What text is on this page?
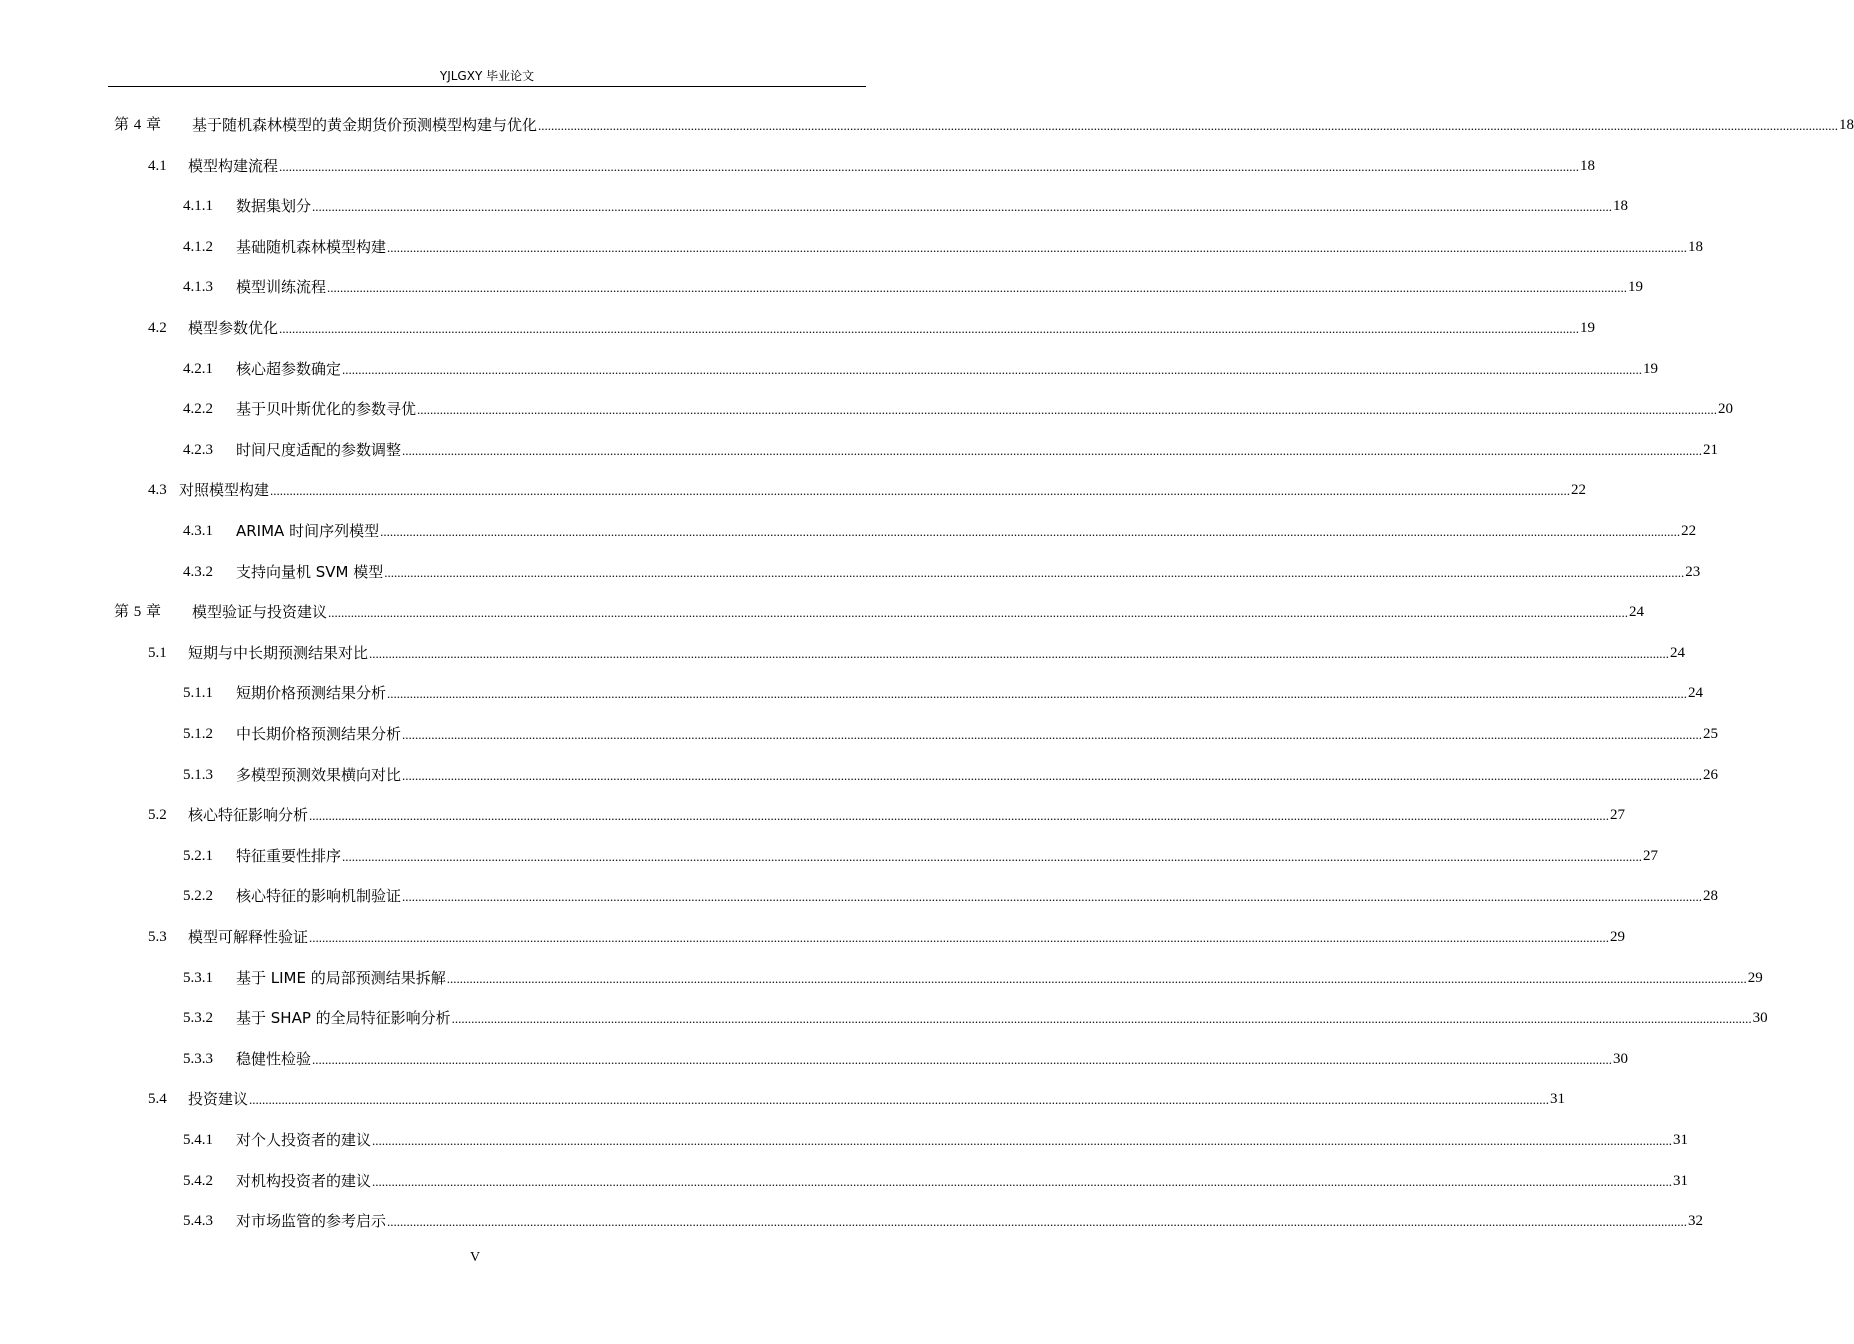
YJLGXY 毕业论文
第 4 章	基于随机森林模型的黄金期货价预测模型构建与优化 ................................................................................................................................................................................................................................................................................................................................................................................................................ 18
4.1	模型构建流程 ................................................................................................................................................................................................................................................................................................................................................................................................................ 18
4.1.1	数据集划分 ................................................................................................................................................................................................................................................................................................................................................................................................................ 18
4.1.2	基础随机森林模型构建 ................................................................................................................................................................................................................................................................................................................................................................................................................ 18
4.1.3	模型训练流程 ................................................................................................................................................................................................................................................................................................................................................................................................................ 19
4.2	模型参数优化 ................................................................................................................................................................................................................................................................................................................................................................................................................ 19
4.2.1	核心超参数确定 ................................................................................................................................................................................................................................................................................................................................................................................................................ 19
4.2.2	基于贝叶斯优化的参数寻优 ................................................................................................................................................................................................................................................................................................................................................................................................................ 20
4.2.3	时间尺度适配的参数调整 ................................................................................................................................................................................................................................................................................................................................................................................................................ 21
4.3 对照模型构建 ................................................................................................................................................................................................................................................................................................................................................................................................................ 22
4.3.1	ARIMA 时间序列模型 ................................................................................................................................................................................................................................................................................................................................................................................................................ 22
4.3.2	支持向量机 SVM 模型 ................................................................................................................................................................................................................................................................................................................................................................................................................ 23
第 5 章	模型验证与投资建议 ................................................................................................................................................................................................................................................................................................................................................................................................................ 24
5.1	短期与中长期预测结果对比 ................................................................................................................................................................................................................................................................................................................................................................................................................ 24
5.1.1	短期价格预测结果分析 ................................................................................................................................................................................................................................................................................................................................................................................................................ 24
5.1.2	中长期价格预测结果分析 ................................................................................................................................................................................................................................................................................................................................................................................................................ 25
5.1.3	多模型预测效果横向对比 ................................................................................................................................................................................................................................................................................................................................................................................................................ 26
5.2	核心特征影响分析 ................................................................................................................................................................................................................................................................................................................................................................................................................ 27
5.2.1	特征重要性排序 ................................................................................................................................................................................................................................................................................................................................................................................................................ 27
5.2.2	核心特征的影响机制验证 ................................................................................................................................................................................................................................................................................................................................................................................................................ 28
5.3	模型可解释性验证 ................................................................................................................................................................................................................................................................................................................................................................................................................ 29
5.3.1	基于 LIME 的局部预测结果拆解 ................................................................................................................................................................................................................................................................................................................................................................................................................ 29
5.3.2	基于 SHAP 的全局特征影响分析 ................................................................................................................................................................................................................................................................................................................................................................................................................ 30
5.3.3	稳健性检验 ................................................................................................................................................................................................................................................................................................................................................................................................................ 30
5.4	投资建议 ................................................................................................................................................................................................................................................................................................................................................................................................................ 31
5.4.1	对个人投资者的建议 ................................................................................................................................................................................................................................................................................................................................................................................................................ 31
5.4.2	对机构投资者的建议 ................................................................................................................................................................................................................................................................................................................................................................................................................ 31
5.4.3	对市场监管的参考启示 ................................................................................................................................................................................................................................................................................................................................................................................................................ 32
V
